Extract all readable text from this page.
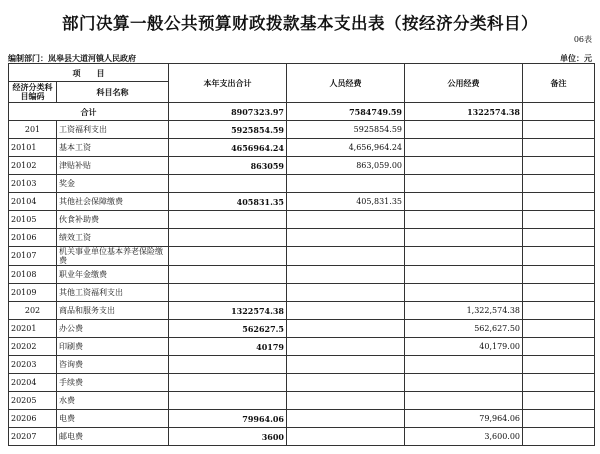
部门决算一般公共预算财政拨款基本支出表（按经济分类科目）
06表
编制部门：岚皋县大道河镇人民政府	单位：元
项　　目		本年支出合计	人员经费	公用经费	备注
经济分类科目编码	科目名称				
合计		8907323.97	7584749.59	1322574.38	
201	工资福利支出	5925854.59	5925854.59		
20101	基本工资	4656964.24	4,656,964.24		
20102	津贴补贴	863059	863,059.00		
20103	奖金				
20104	其他社会保障缴费	405831.35	405,831.35		
20105	伙食补助费				
20106	绩效工资				
20107	机关事业单位基本养老保险缴费				
20108	职业年金缴费				
20109	其他工资福利支出				
202	商品和服务支出	1322574.38		1,322,574.38	
20201	办公费	562627.5		562,627.50	
20202	印刷费	40179		40,179.00	
20203	咨询费				
20204	手续费				
20205	水费				
20206	电费	79964.06		79,964.06	
20207	邮电费	3600		3,600.00	
